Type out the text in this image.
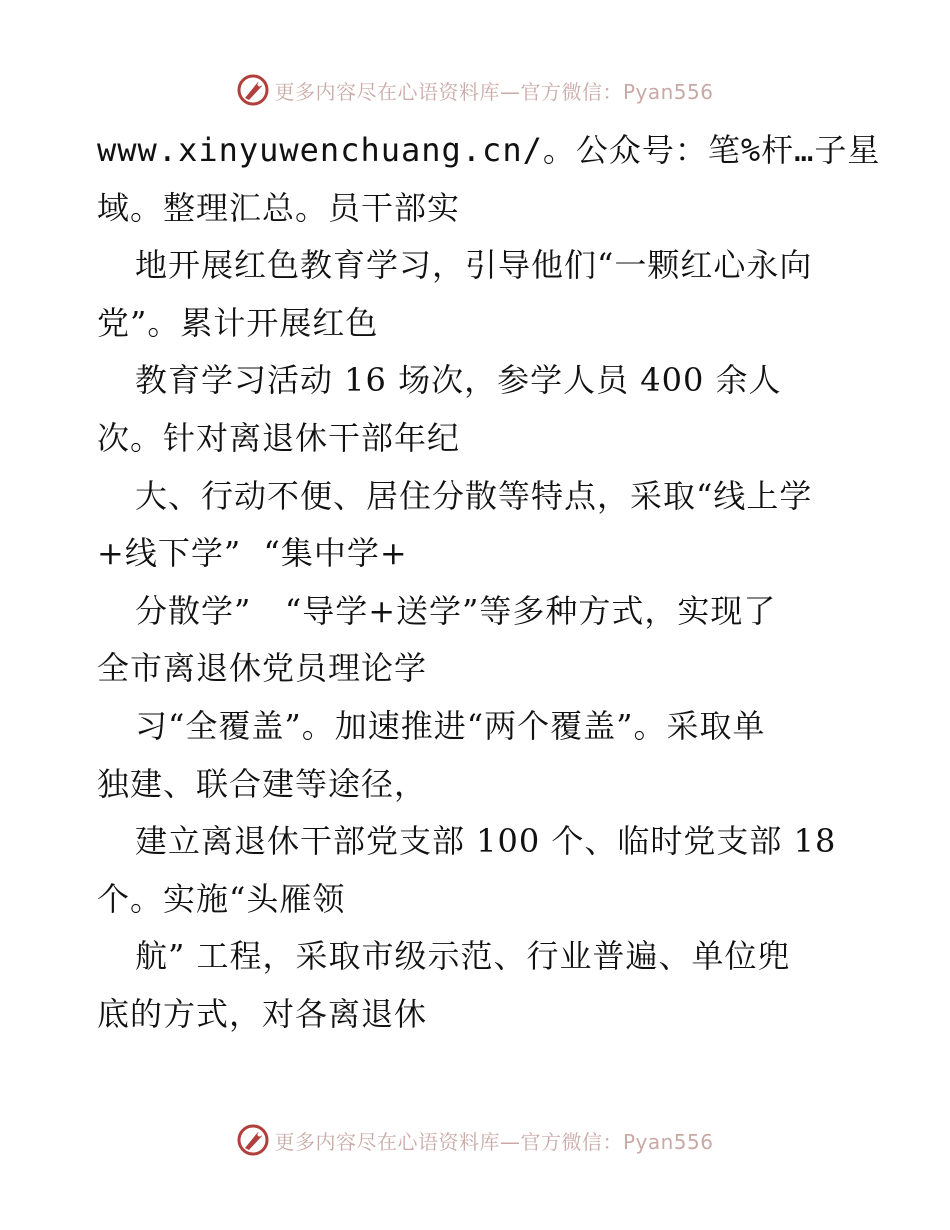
更多内容尽在心语资料库—官方微信：Pyan556
www.xinyuwenchuang.cn/。公众号：笔%杆…子星
域。整理汇总。员干部实
地开展红色教育学习，引导他们“一颗红心永向
党”。累计开展红色
教育学习活动 16 场次，参学人员 400 余人
次。针对离退休干部年纪
大、行动不便、居住分散等特点，采取“线上学
+线下学”  “集中学+
分散学”   “导学+送学”等多种方式，实现了
全市离退休党员理论学
习“全覆盖”。加速推进“两个覆盖”。采取单
独建、联合建等途径，
建立离退休干部党支部 100 个、临时党支部 18
个。实施“头雁领
航” 工程，采取市级示范、行业普遍、单位兜
底的方式，对各离退休
更多内容尽在心语资料库—官方微信：Pyan556
